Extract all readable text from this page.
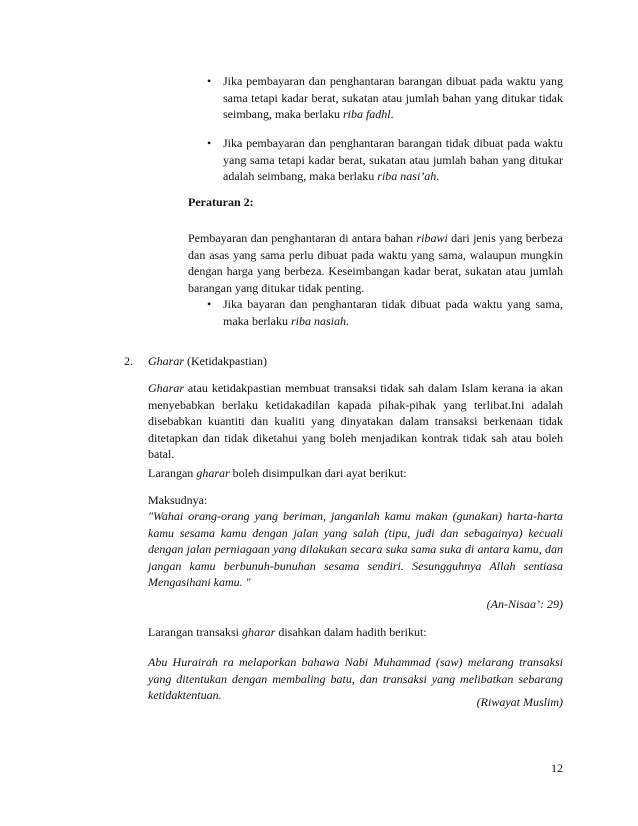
• Jika pembayaran dan penghantaran barangan dibuat pada waktu yang sama tetapi kadar berat, sukatan atau jumlah bahan yang ditukar tidak seimbang, maka berlaku riba fadhl.
• Jika pembayaran dan penghantaran barangan tidak dibuat pada waktu yang sama tetapi kadar berat, sukatan atau jumlah bahan yang ditukar adalah seimbang, maka berlaku riba nasi’ah.
Peraturan 2:
Pembayaran dan penghantaran di antara bahan ribawi dari jenis yang berbeza dan asas yang sama perlu dibuat pada waktu yang sama, walaupun mungkin dengan harga yang berbeza. Keseimbangan kadar berat, sukatan atau jumlah barangan yang ditukar tidak penting.
• Jika bayaran dan penghantaran tidak dibuat pada waktu yang sama, maka berlaku riba nasiah.
2. Gharar (Ketidakpastian)
Gharar atau ketidakpastian membuat transaksi tidak sah dalam Islam kerana ia akan menyebabkan berlaku ketidakadilan kapada pihak-pihak yang terlibat.Ini adalah disebabkan kuantiti dan kualiti yang dinyatakan dalam transaksi berkenaan tidak ditetapkan dan tidak diketahui yang boleh menjadikan kontrak tidak sah atau boleh batal.
Larangan gharar boleh disimpulkan dari ayat berikut:
Maksudnya:
"Wahai orang-orang yang beriman, janganlah kamu makan (gunakan) harta-harta kamu sesama kamu dengan jalan yang salah (tipu, judi dan sebagainya) kecuali dengan jalan perniagaan yang dilakukan secara suka sama suka di antara kamu, dan jangan kamu berbunuh-bunuhan sesama sendiri. Sesungguhnya Allah sentiasa Mengasihani kamu. "
(An-Nisaa’: 29)
Larangan transaksi gharar disahkan dalam hadith berikut:
Abu Hurairah ra melaporkan bahawa Nabi Muhammad (saw) melarang transaksi yang ditentukan dengan membaling batu, dan transaksi yang melibatkan sebarang ketidaktentuan.	(Riwayat Muslim)
12
